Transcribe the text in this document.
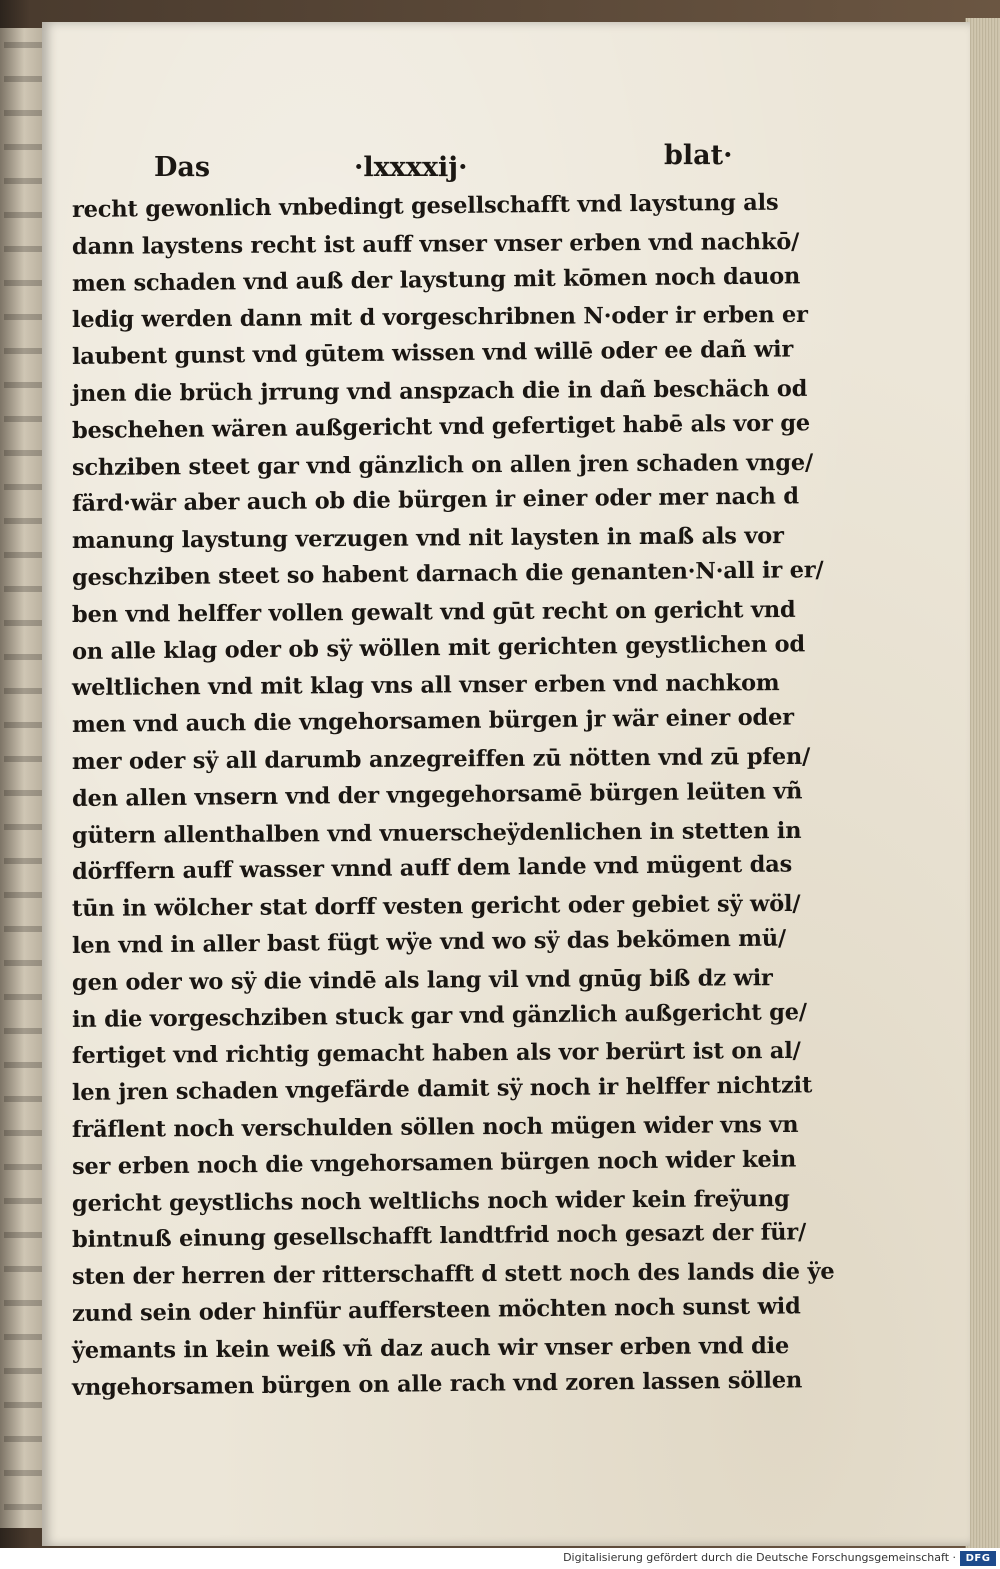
Das	·lxxxxij·	blat·
recht gewonlich vnbedingt gesellschafft vnd laystung als
dann laystens recht ist auff vnser vnser erben vnd nachkō/
men schaden vnd auß der laystung mit kōmen noch dauon
ledig werden dann mit d vorgeschribnen N·oder ir erben er
laubent gunst vnd gūtem wissen vnd willē oder ee dañ wir
jnen die brüch jrrung vnd anspzach die in dañ beschäch od
beschehen wären außgericht vnd gefertiget habē als vor ge
schziben steet gar vnd gänzlich on allen jren schaden vnge/
färd·wär aber auch ob die bürgen ir einer oder mer nach d
manung laystung verzugen vnd nit laysten in maß als vor
geschziben steet so habent darnach die genanten·N·all ir er/
ben vnd helffer vollen gewalt vnd gūt recht on gericht vnd
on alle klag oder ob sÿ wöllen mit gerichten geystlichen od
weltlichen vnd mit klag vns all vnser erben vnd nachkom
men vnd auch die vngehorsamen bürgen jr wär einer oder
mer oder sÿ all darumb anzegreiffen zū nötten vnd zū pfen/
den allen vnsern vnd der vngegehorsamē bürgen leüten vñ
gütern allenthalben vnd vnuerscheÿdenlichen in stetten in
dörffern auff wasser vnnd auff dem lande vnd mügent das
tūn in wölcher stat dorff vesten gericht oder gebiet sÿ wöl/
len vnd in aller bast fügt wÿe vnd wo sÿ das bekömen mü/
gen oder wo sÿ die vindē als lang vil vnd gnūg biß dz wir
in die vorgeschziben stuck gar vnd gänzlich außgericht ge/
fertiget vnd richtig gemacht haben als vor berürt ist on al/
len jren schaden vngefärde damit sÿ noch ir helffer nichtzit
fräflent noch verschulden söllen noch mügen wider vns vn
ser erben noch die vngehorsamen bürgen noch wider kein
gericht geystlichs noch weltlichs noch wider kein freÿung
bintnuß einung gesellschafft landtfrid noch gesazt der für/
sten der herren der ritterschafft d stett noch des lands die ÿe
zund sein oder hinfür aufferstеen möchten noch sunst wid
ÿemants in kein weiß vñ daz auch wir vnser erben vnd die
vngehorsamen bürgen on alle rach vnd zoren lassen söllen
Digitalisierung gefördert durch die Deutsche Forschungsgemeinschaft · DFG
